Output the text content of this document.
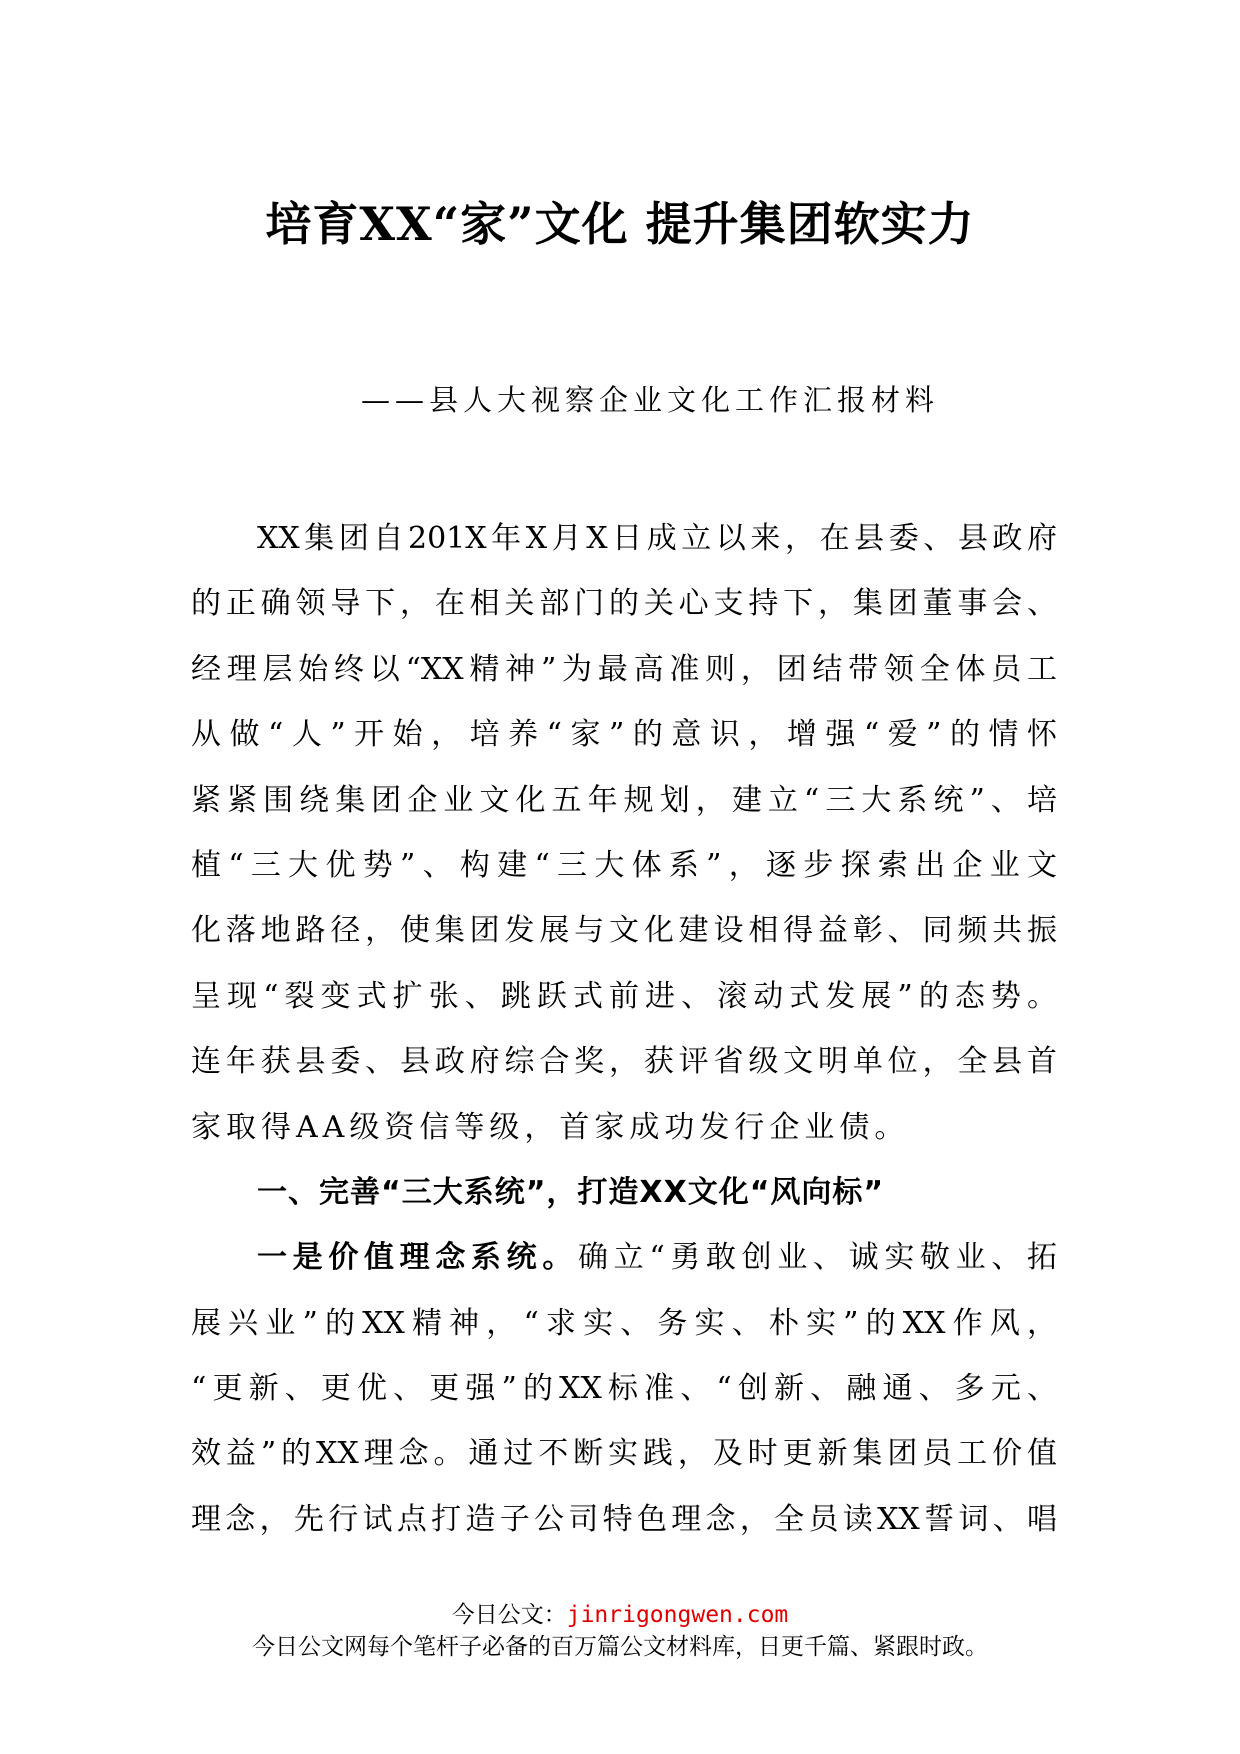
培育XX“家”文化 提升集团软实力
——县人大视察企业文化工作汇报材料
XX集团自201X年X月X日成立以来，在县委、县政府
的正确领导下，在相关部门的关心支持下，集团董事会、
经理层始终以“XX精神”为最高准则，团结带领全体员工
从做“人”开始，培养“家”的意识，增强“爱”的情怀
紧紧围绕集团企业文化五年规划，建立“三大系统”、培
植“三大优势”、构建“三大体系”，逐步探索出企业文
化落地路径，使集团发展与文化建设相得益彰、同频共振
呈现“裂变式扩张、跳跃式前进、滚动式发展”的态势。
连年获县委、县政府综合奖，获评省级文明单位，全县首
家取得AA级资信等级，首家成功发行企业债。
一、完善“三大系统”，打造XX文化“风向标”
一是价值理念系统。确立“勇敢创业、诚实敬业、拓
展兴业”的XX精神，“求实、务实、朴实”的XX作风，
“更新、更优、更强”的XX标准、“创新、融通、多元、
效益”的XX理念。通过不断实践，及时更新集团员工价值
理念，先行试点打造子公司特色理念，全员读XX誓词、唱
今日公文：jinrigongwen.com
今日公文网每个笔杆子必备的百万篇公文材料库，日更千篇、紧跟时政。
